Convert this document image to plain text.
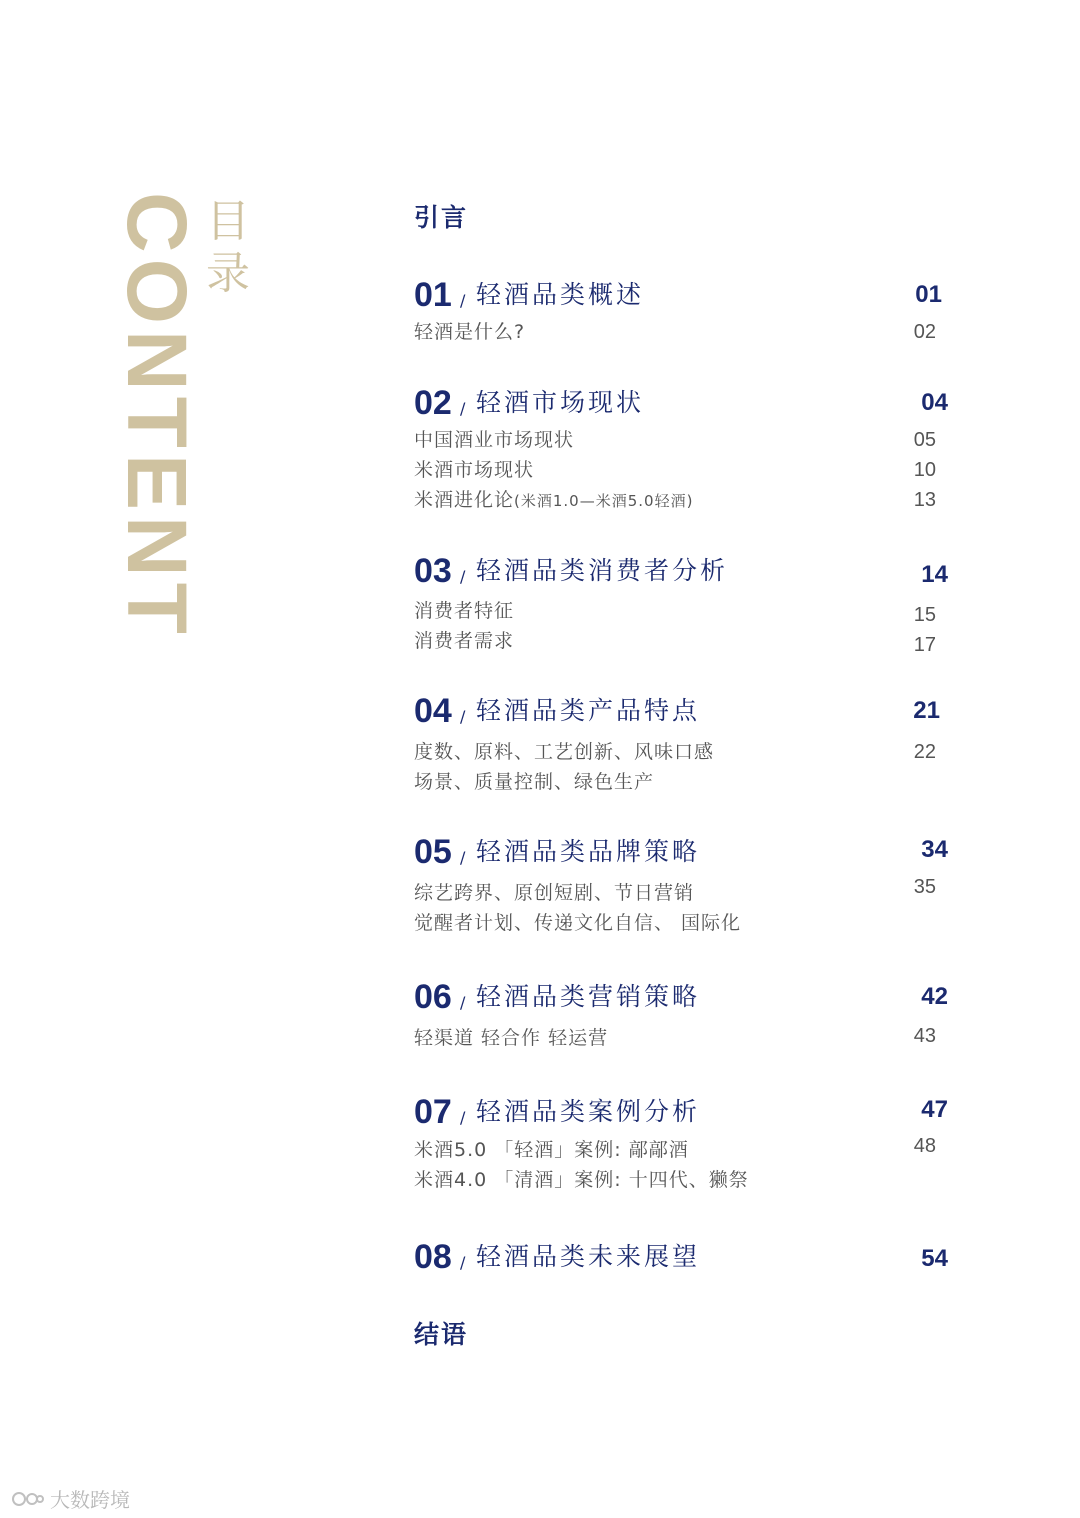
CONTENT 目
录
引言
01 / 轻酒品类概述	01
轻酒是什么?	02
02 / 轻酒市场现状	04
中国酒业市场现状	05
米酒市场现状	10
米酒进化论(米酒1.0—米酒5.0轻酒)	13
03 / 轻酒品类消费者分析	14
消费者特征	15
消费者需求	17
04 / 轻酒品类产品特点	21
度数、原料、工艺创新、风味口感	22
场景、质量控制、绿色生产
05 / 轻酒品类品牌策略	34
综艺跨界、原创短剧、节日营销	35
觉醒者计划、传递文化自信、 国际化
06 / 轻酒品类营销策略	42
轻渠道 轻合作 轻运营	43
07 / 轻酒品类案例分析	47
米酒5.0 「轻酒」案例: 鄗鄗酒	48
米酒4.0 「清酒」案例: 十四代、獭祭
08 / 轻酒品类未来展望	54
结语
大数跨境
